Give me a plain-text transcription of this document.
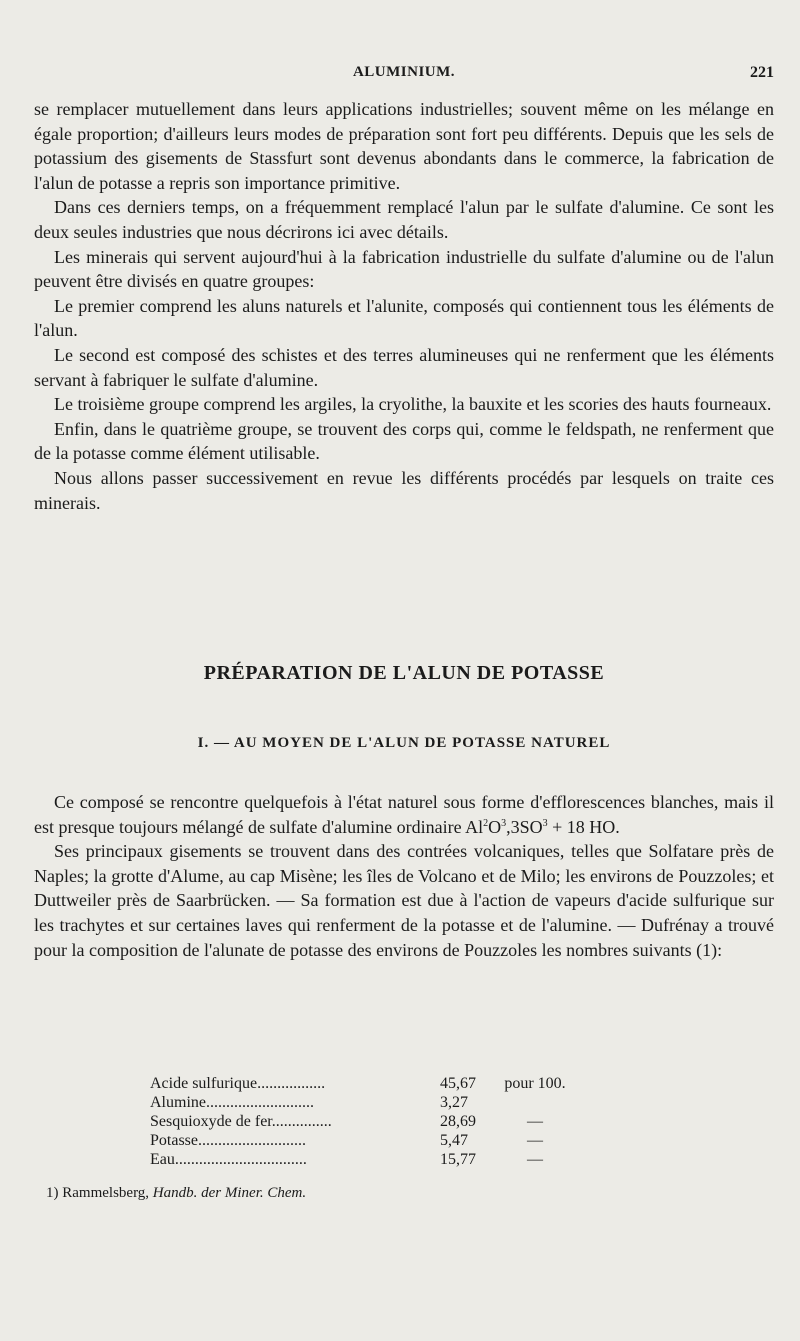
ALUMINIUM.	221

se remplacer mutuellement dans leurs applications industrielles; souvent même on les mélange en égale proportion; d'ailleurs leurs modes de préparation sont fort peu différents. Depuis que les sels de potassium des gisements de Stassfurt sont devenus abondants dans le commerce, la fabrication de l'alun de potasse a repris son importance primitive.

Dans ces derniers temps, on a fréquemment remplacé l'alun par le sulfate d'alumine. Ce sont les deux seules industries que nous décrirons ici avec détails.

Les minerais qui servent aujourd'hui à la fabrication industrielle du sulfate d'alumine ou de l'alun peuvent être divisés en quatre groupes:

Le premier comprend les aluns naturels et l'alunite, composés qui contiennent tous les éléments de l'alun.

Le second est composé des schistes et des terres alumineuses qui ne renferment que les éléments servant à fabriquer le sulfate d'alumine.

Le troisième groupe comprend les argiles, la cryolithe, la bauxite et les scories des hauts fourneaux.

Enfin, dans le quatrième groupe, se trouvent des corps qui, comme le feldspath, ne renferment que de la potasse comme élément utilisable.

Nous allons passer successivement en revue les différents procédés par lesquels on traite ces minerais.

PRÉPARATION DE L'ALUN DE POTASSE
I. — AU MOYEN DE L'ALUN DE POTASSE NATUREL

Ce composé se rencontre quelquefois à l'état naturel sous forme d'efflorescences blanches, mais il est presque toujours mélangé de sulfate d'alumine ordinaire $Al^2O^3,3SO^3 + 18$ HO.

Ses principaux gisements se trouvent dans des contrées volcaniques, telles que Solfatare près de Naples; la grotte d'Alume, au cap Misène; les îles de Volcano et de Milo; les environs de Pouzzoles; et Duttweiler près de Saarbrücken. — Sa formation est due à l'action de vapeurs d'acide sulfurique sur les trachytes et sur certaines laves qui renferment de la potasse et de l'alumine. — Dufrénay a trouvé pour la composition de l'alunate de potasse des environs de Pouzzoles les nombres suivants (1):

Acide sulfurique.................	45,67	pour 100.
Alumine...........................	3,27
Sesquioxyde de fer...............	28,69	—
Potasse...........................	5,47	—
Eau.................................	15,77	—
1) Rammelsberg, Handb. der Miner. Chem.
